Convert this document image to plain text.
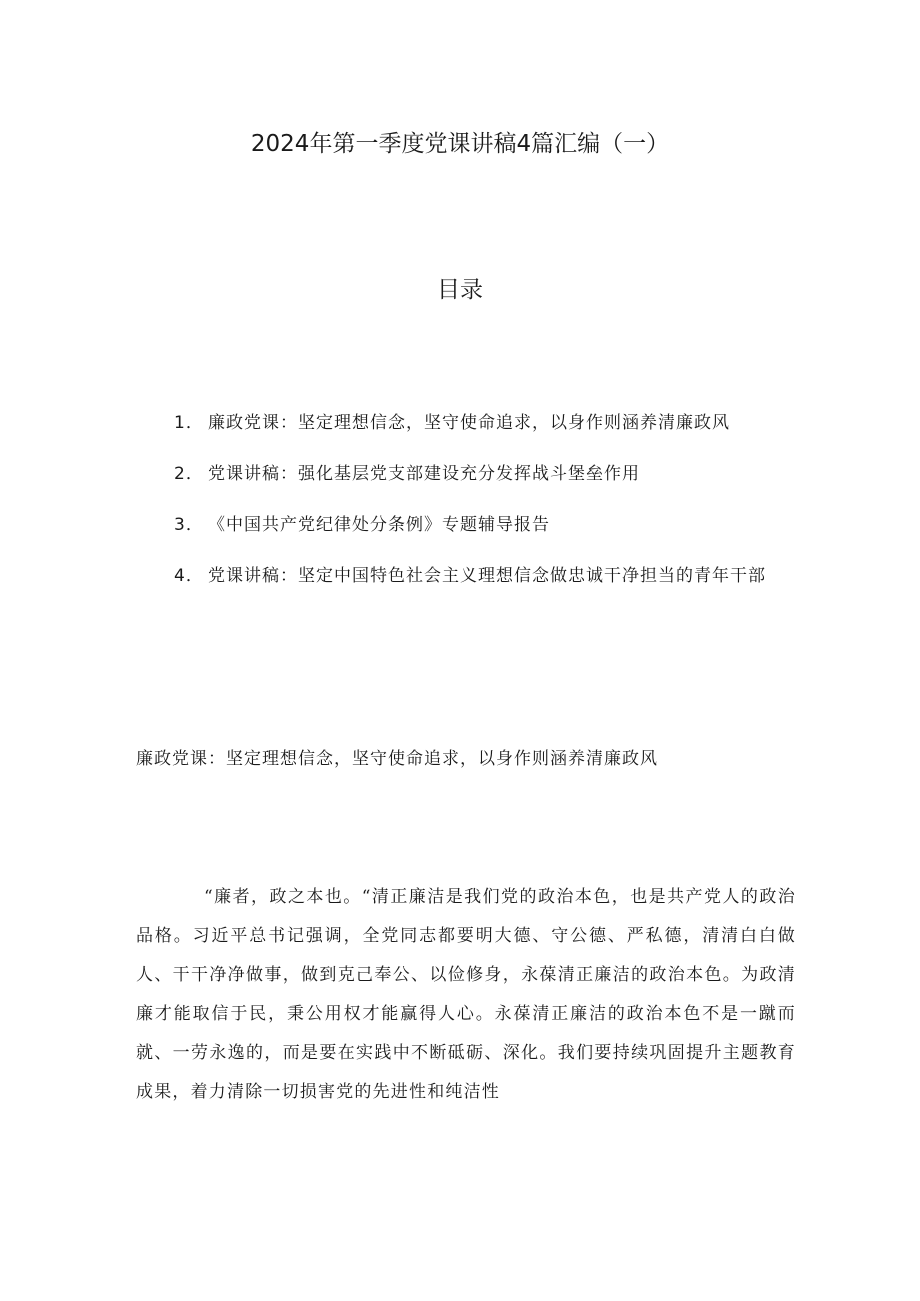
2024年第一季度党课讲稿4篇汇编（一）
目录
1． 廉政党课：坚定理想信念，坚守使命追求，以身作则涵养清廉政风
2． 党课讲稿：强化基层党支部建设充分发挥战斗堡垒作用
3． 《中国共产党纪律处分条例》专题辅导报告
4． 党课讲稿：坚定中国特色社会主义理想信念做忠诚干净担当的青年干部
廉政党课：坚定理想信念，坚守使命追求，以身作则涵养清廉政风

“廉者，政之本也。“清正廉洁是我们党的政治本色，也是共产党人的政治品格。习近平总书记强调，全党同志都要明大德、守公德、严私德，清清白白做人、干干净净做事，做到克己奉公、以俭修身，永葆清正廉洁的政治本色。为政清廉才能取信于民，秉公用权才能赢得人心。永葆清正廉洁的政治本色不是一蹴而就、一劳永逸的，而是要在实践中不断砥砺、深化。我们要持续巩固提升主题教育成果，着力清除一切损害党的先进性和纯洁性
